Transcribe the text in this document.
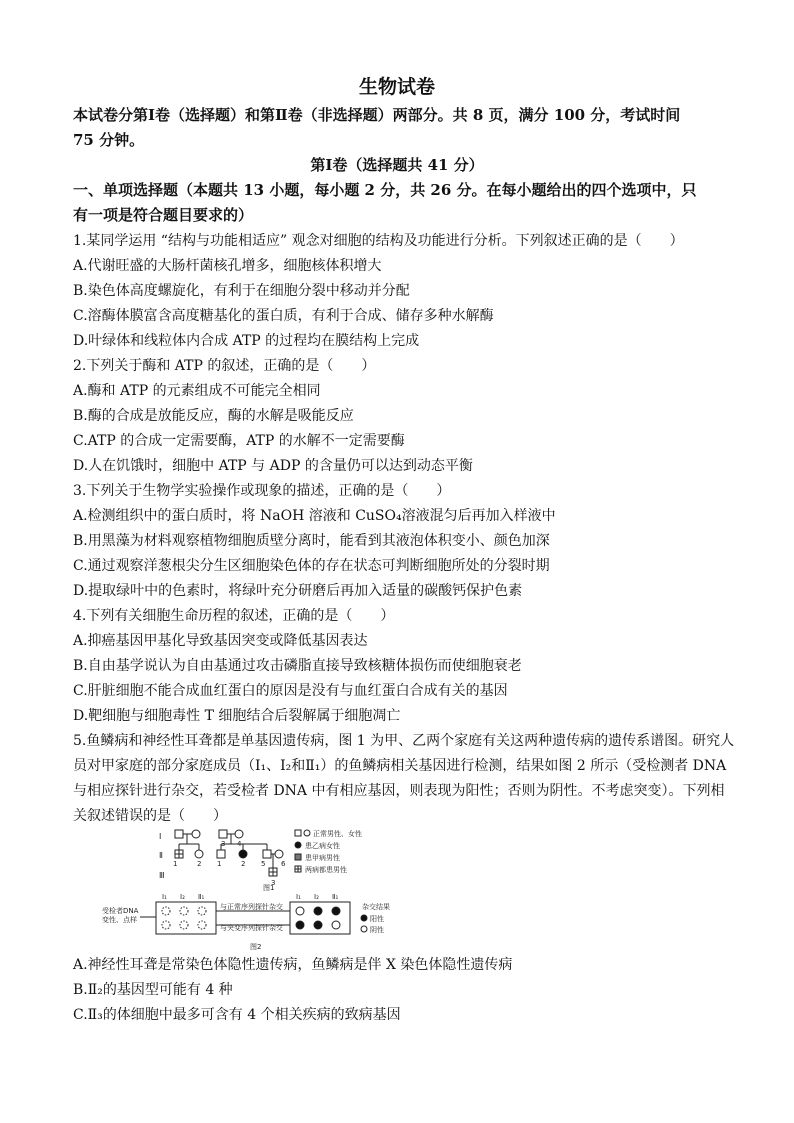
生物试卷
本试卷分第Ⅰ卷（选择题）和第Ⅱ卷（非选择题）两部分。共 8 页，满分 100 分，考试时间
75 分钟。
第Ⅰ卷（选择题共 41 分）
一、单项选择题（本题共 13 小题，每小题 2 分，共 26 分。在每小题给出的四个选项中，只
有一项是符合题目要求的）
1.某同学运用 “结构与功能相适应” 观念对细胞的结构及功能进行分析。下列叙述正确的是（　　）
A.代谢旺盛的大肠杆菌核孔增多，细胞核体积增大
B.染色体高度螺旋化，有利于在细胞分裂中移动并分配
C.溶酶体膜富含高度糖基化的蛋白质，有利于合成、储存多种水解酶
D.叶绿体和线粒体内合成 ATP 的过程均在膜结构上完成
2.下列关于酶和 ATP 的叙述，正确的是（　　）
A.酶和 ATP 的元素组成不可能完全相同
B.酶的合成是放能反应，酶的水解是吸能反应
C.ATP 的合成一定需要酶，ATP 的水解不一定需要酶
D.人在饥饿时，细胞中 ATP 与 ADP 的含量仍可以达到动态平衡
3.下列关于生物学实验操作或现象的描述，正确的是（　　）
A.检测组织中的蛋白质时，将 NaOH 溶液和 CuSO₄溶液混匀后再加入样液中
B.用黑藻为材料观察植物细胞质壁分离时，能看到其液泡体积变小、颜色加深
C.通过观察洋葱根尖分生区细胞染色体的存在状态可判断细胞所处的分裂时期
D.提取绿叶中的色素时，将绿叶充分研磨后再加入适量的碳酸钙保护色素
4.下列有关细胞生命历程的叙述，正确的是（　　）
A.抑癌基因甲基化导致基因突变或降低基因表达
B.自由基学说认为自由基通过攻击磷脂直接导致核糖体损伤而使细胞衰老
C.肝脏细胞不能合成血红蛋白的原因是没有与血红蛋白合成有关的基因
D.靶细胞与细胞毒性 T 细胞结合后裂解属于细胞凋亡
5.鱼鳞病和神经性耳聋都是单基因遗传病，图 1 为甲、乙两个家庭有关这两种遗传病的遗传系谱图。研究人
员对甲家庭的部分家庭成员（Ⅰ₁、Ⅰ₂和Ⅱ₁）的鱼鳞病相关基因进行检测，结果如图 2 所示（受检测者 DNA
与相应探针进行杂交，若受检者 DNA 中有相应基因，则表现为阳性；否则为阴性。不考虑突变）。下列相
关叙述错误的是（　　）
Ⅰ
Ⅱ
Ⅲ
1	2 1	2
3 4
5 6
3
正常男性、女性
患乙病女性
患甲病男性
两病都患男性
图1
受检者DNA
变性、点样
Ⅰ₁ Ⅰ₂ Ⅱ₁	Ⅰ₁ Ⅰ₂ Ⅱ₁
与正常序列探针杂交
与突变序列探针杂交
杂交结果
阳性
阴性
图2
A.神经性耳聋是常染色体隐性遗传病，鱼鳞病是伴 X 染色体隐性遗传病
B.Ⅱ₂的基因型可能有 4 种
C.Ⅱ₃的体细胞中最多可含有 4 个相关疾病的致病基因
